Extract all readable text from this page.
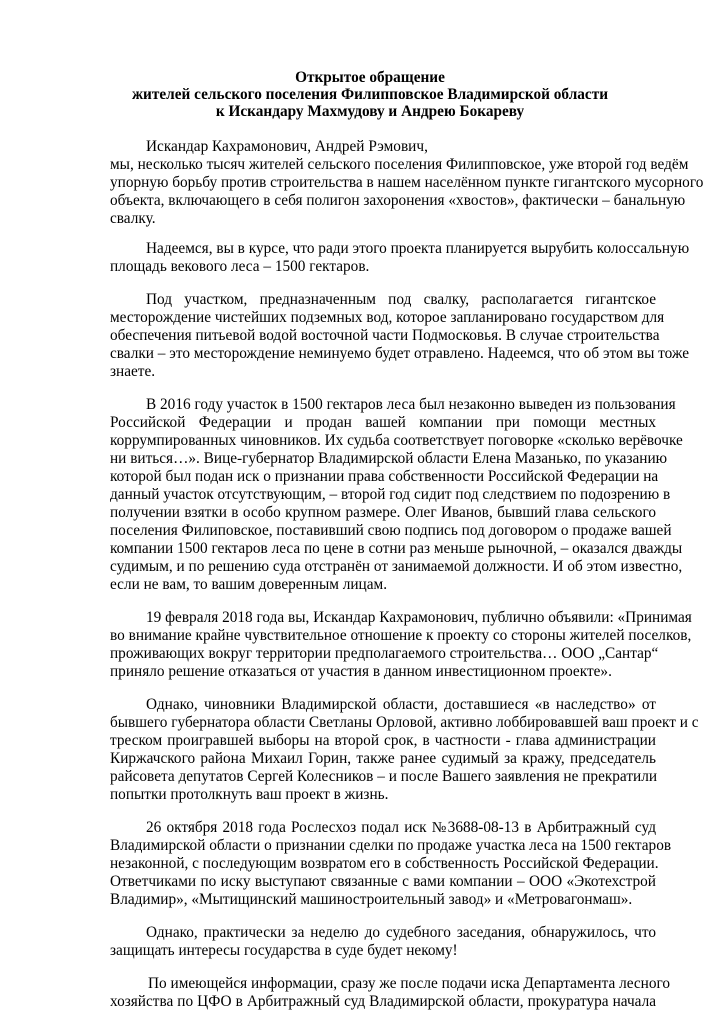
Открытое обращение
жителей сельского поселения Филипповское Владимирской области
к Искандару Махмудову и Андрею Бокареву
Искандар Кахрамонович, Андрей Рэмович,
мы, несколько тысяч жителей сельского поселения Филипповское, уже второй год ведём
упорную борьбу против строительства в нашем населённом пункте гигантского мусорного
объекта, включающего в себя полигон захоронения «хвостов», фактически – банальную
свалку.
Надеемся, вы в курсе, что ради этого проекта планируется вырубить колоссальную
площадь векового леса – 1500 гектаров.
Под участком, предназначенным под свалку, располагается гигантское
месторождение чистейших подземных вод, которое запланировано государством для
обеспечения питьевой водой восточной части Подмосковья. В случае строительства
свалки – это месторождение неминуемо будет отравлено. Надеемся, что об этом вы тоже
знаете.
В 2016 году участок в 1500 гектаров леса был незаконно выведен из пользования
Российской Федерации и продан вашей компании при помощи местных
коррумпированных чиновников. Их судьба соответствует поговорке «сколько верёвочке
ни виться…». Вице-губернатор Владимирской области Елена Мазанько, по указанию
которой был подан иск о признании права собственности Российской Федерации на
данный участок отсутствующим, – второй год сидит под следствием по подозрению в
получении взятки в особо крупном размере. Олег Иванов, бывший глава сельского
поселения Филиповское, поставивший свою подпись под договором о продаже вашей
компании 1500 гектаров леса по цене в сотни раз меньше рыночной, – оказался дважды
судимым, и по решению суда отстранён от занимаемой должности. И об этом известно,
если не вам, то вашим доверенным лицам.
19 февраля 2018 года вы, Искандар Кахрамонович, публично объявили: «Принимая
во внимание крайне чувствительное отношение к проекту со стороны жителей поселков,
проживающих вокруг территории предполагаемого строительства… ООО „Сантар“
приняло решение отказаться от участия в данном инвестиционном проекте».
Однако, чиновники Владимирской области, доставшиеся «в наследство» от
бывшего губернатора области Светланы Орловой, активно лоббировавшей ваш проект и с
треском проигравшей выборы на второй срок, в частности - глава администрации
Киржачского района Михаил Горин, также ранее судимый за кражу, председатель
райсовета депутатов Сергей Колесников – и после Вашего заявления не прекратили
попытки протолкнуть ваш проект в жизнь.
26 октября 2018 года Рослесхоз подал иск №3688-08-13 в Арбитражный суд
Владимирской области о признании сделки по продаже участка леса на 1500 гектаров
незаконной, с последующим возвратом его в собственность Российской Федерации.
Ответчиками по иску выступают связанные с вами компании – ООО «Экотехстрой
Владимир», «Мытищинский машиностроительный завод» и «Метровагонмаш».
Однако, практически за неделю до судебного заседания, обнаружилось, что
защищать интересы государства в суде будет некому!
По имеющейся информации, сразу же после подачи иска Департамента лесного
хозяйства по ЦФО в Арбитражный суд Владимирской области, прокуратура начала
